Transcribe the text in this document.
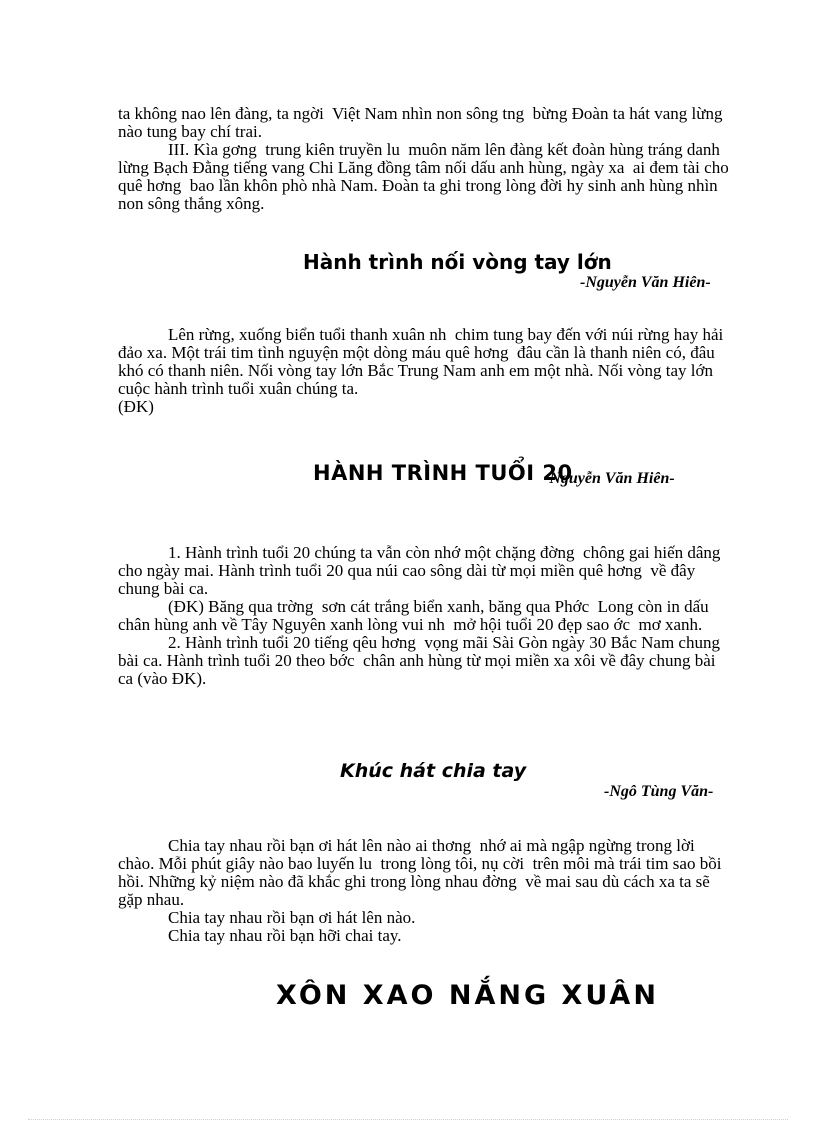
ta không nao lên đàng, ta ngời  Việt Nam nhìn non sông tng  bừng Đoàn ta hát vang lừng nào tung bay chí trai.

III. Kìa gơng  trung kiên truyền lu  muôn năm lên đàng kết đoàn hùng tráng danh lừng Bạch Đằng tiếng vang Chi Lăng đồng tâm nối dấu anh hùng, ngày xa  ai đem tài cho quê hơng  bao lần khôn phò nhà Nam. Đoàn ta ghi trong lòng đời hy sinh anh hùng nhìn non sông thắng xông.

Hành trình nối vòng tay lớn
-Nguyễn Văn Hiên-

Lên rừng, xuống biển tuổi thanh xuân nh  chim tung bay đến với núi rừng hay hải đảo xa. Một trái tim tình nguyện một dòng máu quê hơng  đâu cần là thanh niên có, đâu khó có thanh niên. Nối vòng tay lớn Bắc Trung Nam anh em một nhà. Nối vòng tay lớn cuộc hành trình tuổi xuân chúng ta.

(ĐK)

HÀNH TRÌNH TUỔI 20
-Nguyễn Văn Hiên-

1. Hành trình tuổi 20 chúng ta vẫn còn nhớ một chặng đờng  chông gai hiến dâng cho ngày mai. Hành trình tuổi 20 qua núi cao sông dài từ mọi miền quê hơng  về đây chung bài ca.

(ĐK) Băng qua trờng  sơn cát trắng biển xanh, băng qua Phớc  Long còn in dấu chân hùng anh về Tây Nguyên xanh lòng vui nh  mở hội tuổi 20 đẹp sao ớc  mơ xanh.

2. Hành trình tuổi 20 tiếng qêu hơng  vọng mãi Sài Gòn ngày 30 Bắc Nam chung bài ca. Hành trình tuổi 20 theo bớc  chân anh hùng từ mọi miền xa xôi về đây chung bài ca (vào ĐK).

Khúc hát chia tay
-Ngô Tùng Văn-

Chia tay nhau rồi bạn ơi hát lên nào ai thơng  nhớ ai mà ngập ngừng trong lời chào. Mỗi phút giây nào bao luyến lu  trong lòng tôi, nụ cời  trên môi mà trái tim sao bồi hồi. Những kỷ niệm nào đã khắc ghi trong lòng nhau đờng  về mai sau dù cách xa ta sẽ gặp nhau.

Chia tay nhau rồi bạn ơi hát lên nào.

Chia tay nhau rồi bạn hỡi chai tay.

XÔN XAO NẮNG XUÂN
